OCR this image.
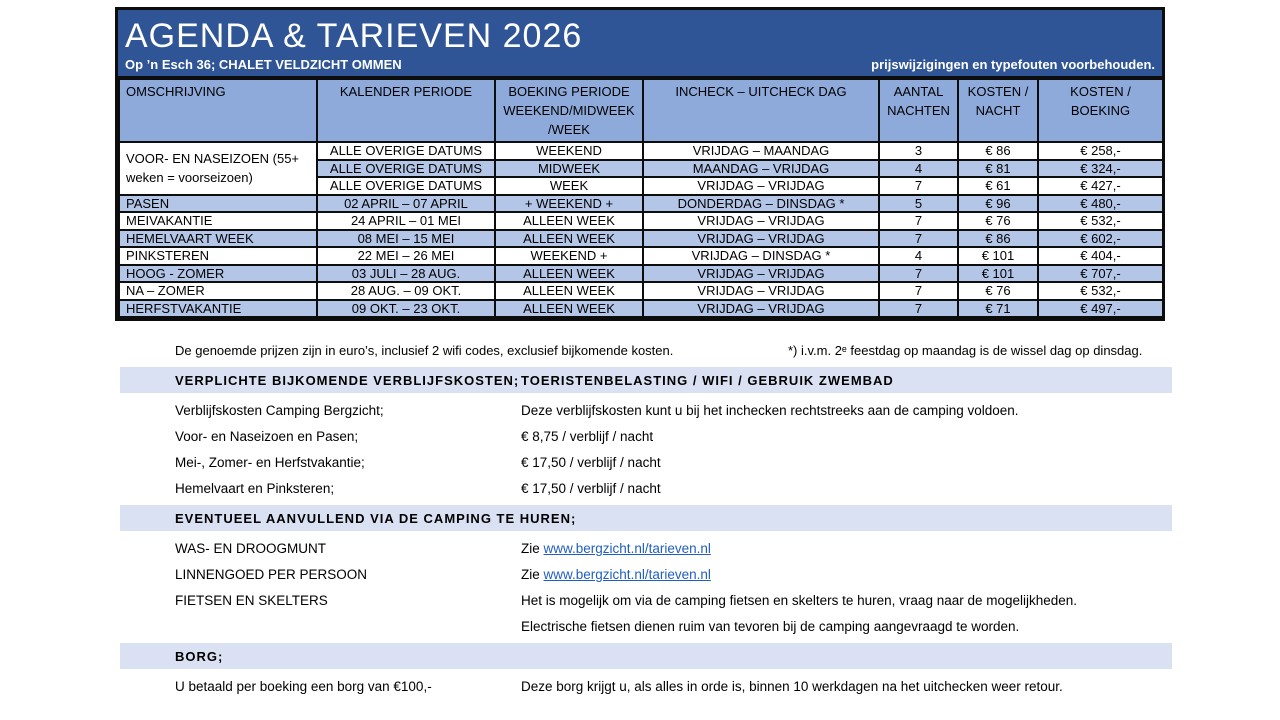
AGENDA & TARIEVEN 2026
Op ’n Esch 36; CHALET VELDZICHT OMMEN	prijswijzigingen en typefouten voorbehouden.
OMSCHRIJVING	KALENDER PERIODE	BOEKING PERIODE WEEKEND/MIDWEEK /WEEK	INCHECK – UITCHECK DAG	AANTAL NACHTEN	KOSTEN / NACHT	KOSTEN / BOEKING
VOOR- EN NASEIZOEN (55+ weken = voorseizoen)	ALLE OVERIGE DATUMS	WEEKEND	VRIJDAG – MAANDAG	3	€ 86	€ 258,-
	ALLE OVERIGE DATUMS	MIDWEEK	MAANDAG – VRIJDAG	4	€ 81	€ 324,-
	ALLE OVERIGE DATUMS	WEEK	VRIJDAG – VRIJDAG	7	€ 61	€ 427,-
PASEN	02 APRIL – 07 APRIL	+ WEEKEND +	DONDERDAG – DINSDAG *	5	€ 96	€ 480,-
MEIVAKANTIE	24 APRIL – 01 MEI	ALLEEN WEEK	VRIJDAG – VRIJDAG	7	€ 76	€ 532,-
HEMELVAART WEEK	08 MEI – 15 MEI	ALLEEN WEEK	VRIJDAG – VRIJDAG	7	€ 86	€ 602,-
PINKSTEREN	22 MEI – 26 MEI	WEEKEND +	VRIJDAG – DINSDAG *	4	€ 101	€ 404,-
HOOG - ZOMER	03 JULI – 28 AUG.	ALLEEN WEEK	VRIJDAG – VRIJDAG	7	€ 101	€ 707,-
NA – ZOMER	28 AUG. – 09 OKT.	ALLEEN WEEK	VRIJDAG – VRIJDAG	7	€ 76	€ 532,-
HERFSTVAKANTIE	09 OKT. – 23 OKT.	ALLEEN WEEK	VRIJDAG – VRIJDAG	7	€ 71	€ 497,-
De genoemde prijzen zijn in euro’s, inclusief 2 wifi codes, exclusief bijkomende kosten.	*) i.v.m. 2ᵉ feestdag op maandag is de wissel dag op dinsdag.
VERPLICHTE BIJKOMENDE VERBLIJFSKOSTEN; TOERISTENBELASTING / WIFI / GEBRUIK ZWEMBAD
Verblijfskosten Camping Bergzicht;	Deze verblijfskosten kunt u bij het inchecken rechtstreeks aan de camping voldoen.
Voor- en Naseizoen en Pasen;	€ 8,75 / verblijf / nacht
Mei-, Zomer- en Herfstvakantie;	€ 17,50 / verblijf / nacht
Hemelvaart en Pinksteren;	€ 17,50 / verblijf / nacht
EVENTUEEL AANVULLEND VIA DE CAMPING TE HUREN;
WAS- EN DROOGMUNT	Zie www.bergzicht.nl/tarieven.nl
LINNENGOED PER PERSOON	Zie www.bergzicht.nl/tarieven.nl
FIETSEN EN SKELTERS	Het is mogelijk om via de camping fietsen en skelters te huren, vraag naar de mogelijkheden.
Electrische fietsen dienen ruim van tevoren bij de camping aangevraagd te worden.
BORG;
U betaald per boeking een borg van €100,-	Deze borg krijgt u, als alles in orde is, binnen 10 werkdagen na het uitchecken weer retour.
